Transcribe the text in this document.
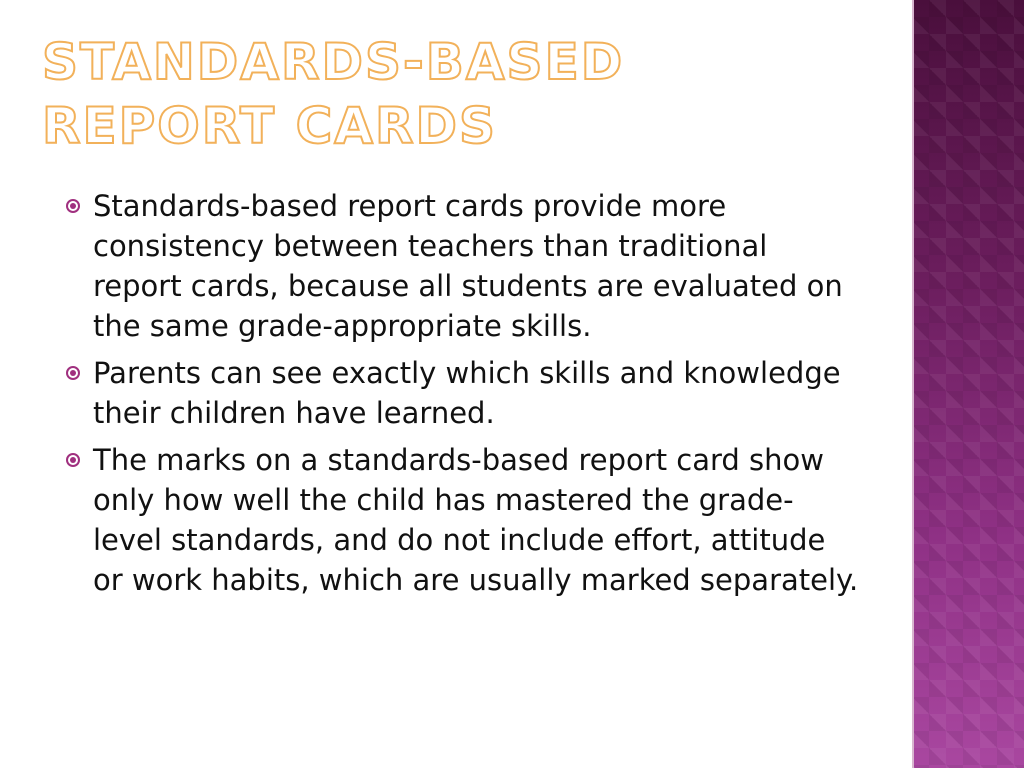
STANDARDS-BASED REPORT CARDS
Standards-based report cards provide more consistency between teachers than traditional report cards, because all students are evaluated on the same grade-appropriate skills.
Parents can see exactly which skills and knowledge their children have learned.
The marks on a standards-based report card show only how well the child has mastered the grade-level standards, and do not include effort, attitude or work habits, which are usually marked separately.
